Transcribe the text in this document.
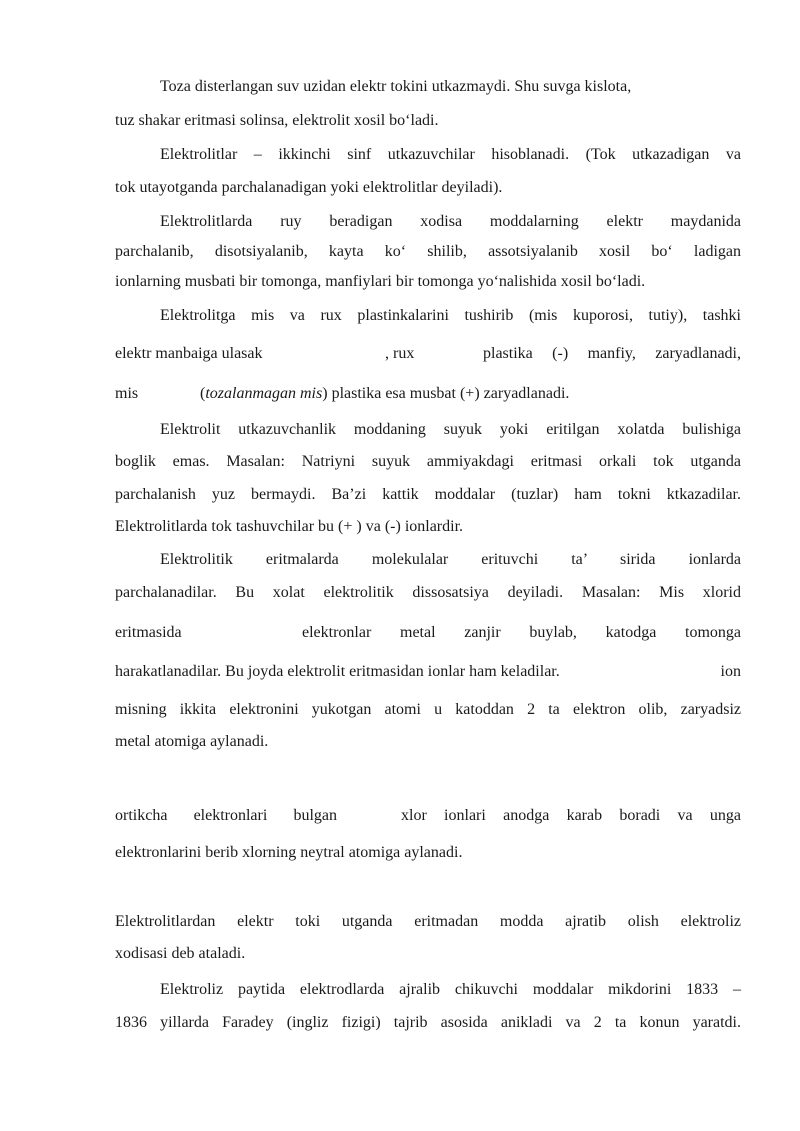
Toza disterlangan suv uzidan elektr tokini utkazmaydi. Shu suvga kislota,
tuz shakar eritmasi solinsa, elektrolit xosil bo‘ladi.
Elektrolitlar – ikkinchi sinf utkazuvchilar hisoblanadi. (Tok utkazadigan va
tok utayotganda parchalanadigan yoki elektrolitlar deyiladi).
Elektrolitlarda ruy beradigan xodisa moddalarning elektr maydanida
parchalanib, disotsiyalanib, kayta ko‘ shilib, assotsiyalanib xosil bo‘ ladigan
ionlarning musbati bir tomonga, manfiylari bir tomonga yo‘nalishida xosil bo‘ladi.
Elektrolitga mis va rux plastinkalarini tushirib (mis kuporosi, tutiy), tashki
elektr manbaiga ulasak	, rux	plastika (-) manfiy, zaryadlanadi,
mis	(tozalanmagan mis) plastika esa musbat (+) zaryadlanadi.
Elektrolit utkazuvchanlik moddaning suyuk yoki eritilgan xolatda bulishiga
boglik emas. Masalan: Natriyni suyuk ammiyakdagi eritmasi orkali tok utganda
parchalanish yuz bermaydi. Ba’zi kattik moddalar (tuzlar) ham tokni ktkazadilar.
Elektrolitlarda tok tashuvchilar bu (+ ) va (-) ionlardir.
Elektrolitik eritmalarda molekulalar erituvchi ta’ sirida ionlarda
parchalanadilar. Bu xolat elektrolitik dissosatsiya deyiladi. Masalan: Mis xlorid
eritmasida	elektronlar metal zanjir buylab, katodga tomonga
harakatlanadilar. Bu joyda elektrolit eritmasidan ionlar ham keladilar.	ion
misning ikkita elektronini yukotgan atomi u katoddan 2 ta elektron olib, zaryadsiz
metal atomiga aylanadi.
ortikcha elektronlari bulgan	xlor ionlari anodga karab boradi va unga
elektronlarini berib xlorning neytral atomiga aylanadi.
Elektrolitlardan elektr toki utganda eritmadan modda ajratib olish elektroliz
xodisasi deb ataladi.
Elektroliz paytida elektrodlarda ajralib chikuvchi moddalar mikdorini 1833 –
1836 yillarda Faradey (ingliz fizigi) tajrib asosida anikladi va 2 ta konun yaratdi.
